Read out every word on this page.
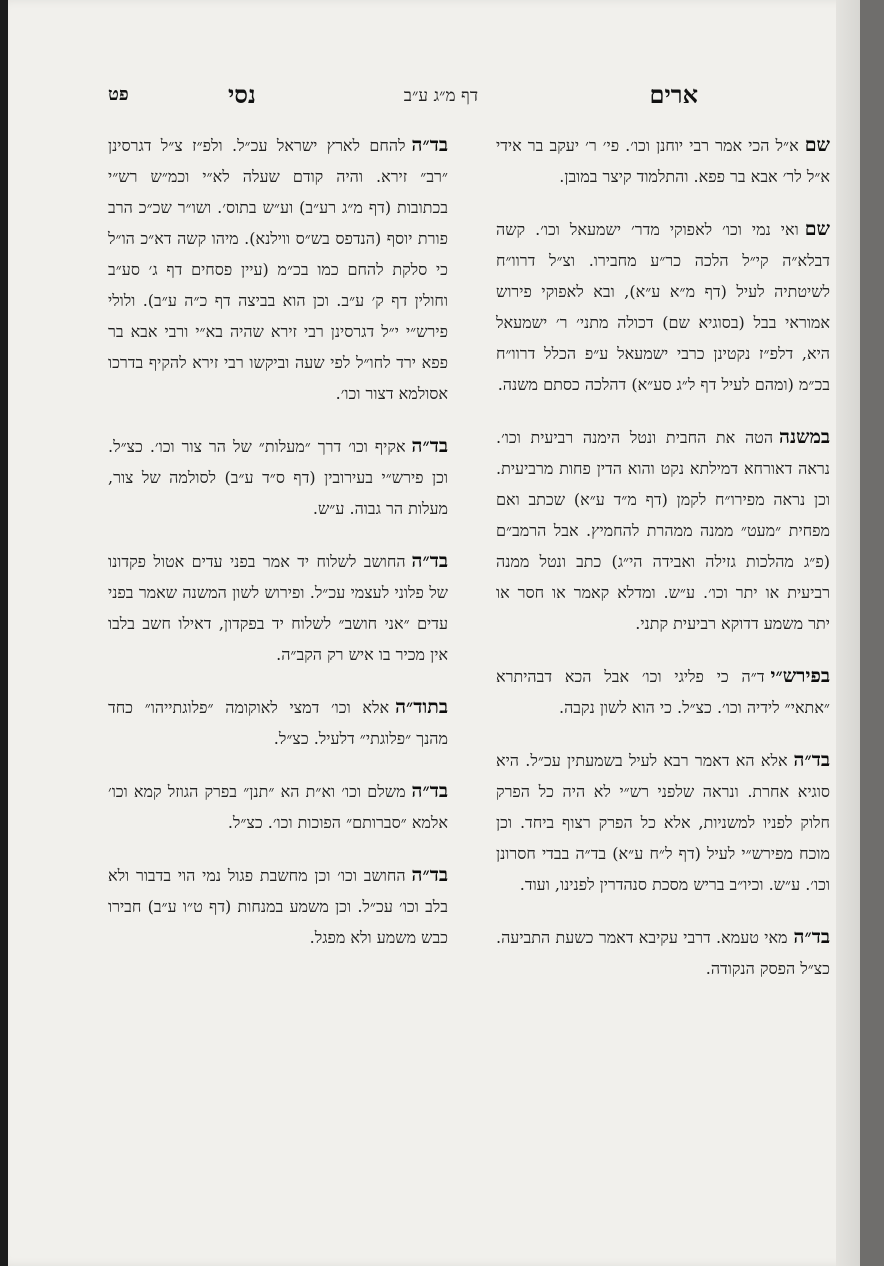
ארים
דף מ״ג ע״ב
נסי
פט

שםא״ל הכי אמר רבי יוחנן וכו׳. פי׳ ר׳ יעקב בר אידי א״ל לר׳ אבא בר פפא. והתלמוד קיצר במובן.

שםואי נמי וכו׳ לאפוקי מדר׳ ישמעאל וכו׳. קשה דבלא״ה קי״ל הלכה כר״ע מחבירו. וצ״ל דרוו״ח לשיטתיה לעיל (דף מ״א ע״א), ובא לאפוקי פירוש אמוראי בבל (בסוגיא שם) דכולה מתני׳ ר׳ ישמעאל היא, דלפ״ז נקטינן כרבי ישמעאל ע״פ הכלל דרוו״ח בכ״מ (ומהם לעיל דף ל״ג סע״א) דהלכה כסתם משנה.

במשנההטה את החבית ונטל הימנה רביעית וכו׳. נראה דאורחא דמילתא נקט והוא הדין פחות מרביעית. וכן נראה מפירו״ח לקמן (דף מ״ד ע״א) שכתב ואם מפחית ״מעט״ ממנה ממהרת להחמיץ. אבל הרמב״ם (פ״ג מהלכות גזילה ואבידה הי״ג) כתב ונטל ממנה רביעית או יתר וכו׳. ע״ש. ומדלא קאמר או חסר או יתר משמע דדוקא רביעית קתני.

בפירש״יד״ה כי פליגי וכו׳ אבל הכא דבהיתרא ״אתאי״ לידיה וכו׳. כצ״ל. כי הוא לשון נקבה.

בד״האלא הא דאמר רבא לעיל בשמעתין עכ״ל. היא סוגיא אחרת. ונראה שלפני רש״י לא היה כל הפרק חלוק לפניו למשניות, אלא כל הפרק רצוף ביחד. וכן מוכח מפירש״י לעיל (דף ל״ח ע״א) בד״ה בבדי חסרונן וכו׳. ע״ש. וכיו״ב בריש מסכת סנהדרין לפנינו, ועוד.

בד״המאי טעמא. דרבי עקיבא דאמר כשעת התביעה. כצ״ל הפסק הנקודה.

בד״הלהחם לארץ ישראל עכ״ל. ולפ״ז צ״ל דגרסינן ״רב״ זירא. והיה קודם שעלה לא״י וכמ״ש רש״י בכתובות (דף מ״ג רע״ב) וע״ש בתוס׳. ושו״ר שכ״כ הרב פורת יוסף (הנדפס בש״ס ווילנא). מיהו קשה דא״כ הו״ל כי סלקת להחם כמו בכ״מ (עיין פסחים דף ג׳ סע״ב וחולין דף ק׳ ע״ב. וכן הוא בביצה דף כ״ה ע״ב). ולולי פירש״י י״ל דגרסינן רבי זירא שהיה בא״י ורבי אבא בר פפא ירד לחו״ל לפי שעה וביקשו רבי זירא להקיף בדרכו אסולמא דצור וכו׳.

בד״האקיף וכו׳ דרך ״מעלות״ של הר צור וכו׳. כצ״ל. וכן פירש״י בעירובין (דף ס״ד ע״ב) לסולמה של צור, מעלות הר גבוה. ע״ש.

בד״ההחושב לשלוח יד אמר בפני עדים אטול פקדונו של פלוני לעצמי עכ״ל. ופירוש לשון המשנה שאמר בפני עדים ״אני חושב״ לשלוח יד בפקדון, דאילו חשב בלבו אין מכיר בו איש רק הקב״ה.

בתוד״האלא וכו׳ דמצי לאוקומה ״פלוגתייהו״ כחד מהנך ״פלוגתי״ דלעיל. כצ״ל.

בד״המשלם וכו׳ וא״ת הא ״תנן״ בפרק הגוזל קמא וכו׳ אלמא ״סברותם״ הפוכות וכו׳. כצ״ל.

בד״ההחושב וכו׳ וכן מחשבת פגול נמי הוי בדבור ולא בלב וכו׳ עכ״ל. וכן משמע במנחות (דף ט״ו ע״ב) חבירו כבש משמע ולא מפגל.
